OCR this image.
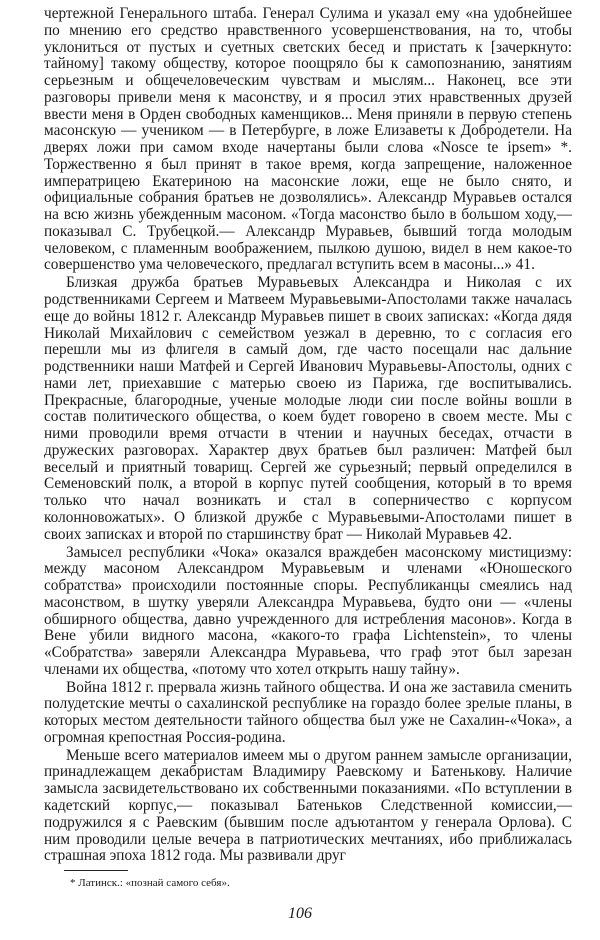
чертежной Генерального штаба. Генерал Сулима и указал ему «на удобнейшее по мнению его средство нравственного усовершенствования, на то, чтобы уклониться от пустых и суетных светских бесед и пристать к [зачеркнуто: тайному] такому обществу, которое поощряло бы к самопознанию, занятиям серьезным и общечеловеческим чувствам и мыслям... Наконец, все эти разговоры привели меня к масонству, и я просил этих нравственных друзей ввести меня в Орден свободных каменщиков... Меня приняли в первую степень масонскую — учеником — в Петербурге, в ложе Елизаветы к Добродетели. На дверях ложи при самом входе начертаны были слова «Nosce te ipsem» *. Торжественно я был принят в такое время, когда запрещение, наложенное императрицею Екатериною на масонские ложи, еще не было снято, и официальные собрания братьев не дозволялись». Александр Муравьев остался на всю жизнь убежденным масоном. «Тогда масонство было в большом ходу,— показывал С. Трубецкой.— Александр Муравьев, бывший тогда молодым человеком, с пламенным воображением, пылкою душою, видел в нем какое-то совершенство ума человеческого, предлагал вступить всем в масоны...» 41.

Близкая дружба братьев Муравьевых Александра и Николая с их родственниками Сергеем и Матвеем Муравьевыми-Апостолами также началась еще до войны 1812 г. Александр Муравьев пишет в своих записках: «Когда дядя Николай Михайлович с семейством уезжал в деревню, то с согласия его перешли мы из флигеля в самый дом, где часто посещали нас дальние родственники наши Матфей и Сергей Иванович Муравьевы-Апостолы, одних с нами лет, приехавшие с матерью своею из Парижа, где воспитывались. Прекрасные, благородные, ученые молодые люди сии после войны вошли в состав политического общества, о коем будет говорено в своем месте. Мы с ними проводили время отчасти в чтении и научных беседах, отчасти в дружеских разговорах. Характер двух братьев был различен: Матфей был веселый и приятный товарищ. Сергей же сурьезный; первый определился в Семеновский полк, а второй в корпус путей сообщения, который в то время только что начал возникать и стал в соперничество с корпусом колонновожатых». О близкой дружбе с Муравьевыми-Апостолами пишет в своих записках и второй по старшинству брат — Николай Муравьев 42.

Замысел республики «Чока» оказался враждебен масонскому мистицизму: между масоном Александром Муравьевым и членами «Юношеского собратства» происходили постоянные споры. Республиканцы смеялись над масонством, в шутку уверяли Александра Муравьева, будто они — «члены обширного общества, давно учрежденного для истребления масонов». Когда в Вене убили видного масона, «какого-то графа Lichtenstein», то члены «Собратства» заверяли Александра Муравьева, что граф этот был зарезан членами их общества, «потому что хотел открыть нашу тайну».

Война 1812 г. прервала жизнь тайного общества. И она же заставила сменить полудетские мечты о сахалинской республике на гораздо более зрелые планы, в которых местом деятельности тайного общества был уже не Сахалин-«Чока», а огромная крепостная Россия-родина.

Меньше всего материалов имеем мы о другом раннем замысле организации, принадлежащем декабристам Владимиру Раевскому и Батенькову. Наличие замысла засвидетельствовано их собственными показаниями. «По вступлении в кадетский корпус,— показывал Батеньков Следственной комиссии,— подружился я с Раевским (бывшим после адъютантом у генерала Орлова). С ним проводили целые вечера в патриотических мечтаниях, ибо приближалась страшная эпоха 1812 года. Мы развивали друг

* Латинск.: «познай самого себя».
106
